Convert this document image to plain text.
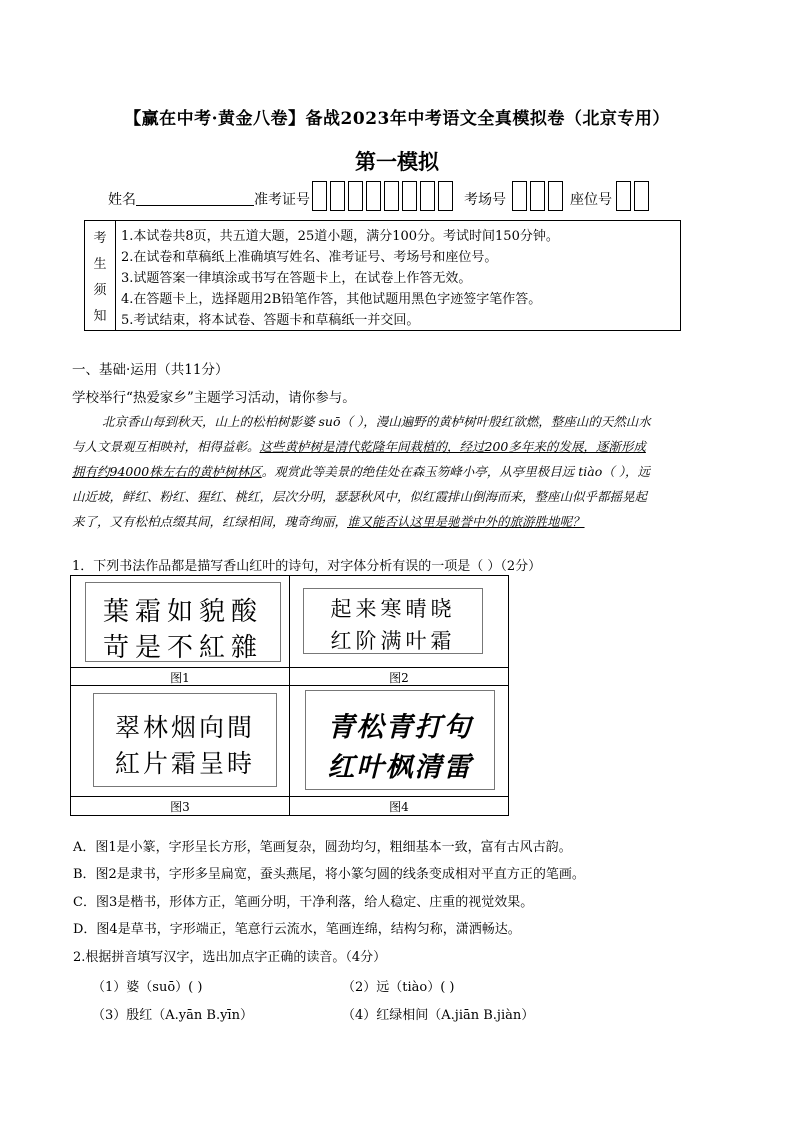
【赢在中考·黄金八卷】备战2023年中考语文全真模拟卷（北京专用）
第一模拟
姓名	准考证号	考场号	座位号
考
生
须
知
1.本试卷共8页，共五道大题，25道小题，满分100分。考试时间150分钟。
2.在试卷和草稿纸上准确填写姓名、准考证号、考场号和座位号。
3.试题答案一律填涂或书写在答题卡上，在试卷上作答无效。
4.在答题卡上，选择题用2B铅笔作答，其他试题用黑色字迹签字笔作答。
5.考试结束，将本试卷、答题卡和草稿纸一并交回。
一、基础·运用（共11分）
学校举行“热爱家乡”主题学习活动，请你参与。
北京香山每到秋天，山上的松柏树影婆 suō（ ），漫山遍野的黄栌树叶殷红欲燃，整座山的天然山水
与人文景观互相映衬，相得益彰。这些黄栌树是清代乾隆年间栽植的，经过200多年来的发展，逐渐形成
拥有约94000株左右的黄栌树林区。观赏此等美景的绝佳处在森玉笏峰小亭，从亭里极目远 tiào（ ），远
山近坡，鲜红、粉红、猩红、桃红，层次分明，瑟瑟秋风中，似红霞排山倒海而来，整座山似乎都摇晃起
来了，又有松柏点缀其间，红绿相间，瑰奇绚丽，谁又能否认这里是驰誉中外的旅游胜地呢？
1．下列书法作品都是描写香山红叶的诗句，对字体分析有误的一项是（ ）（2分）
葉霜如貌酸
苛是不紅雜
图1
起来寒晴晓
红阶满叶霜
图2
翠林烟向間
紅片霜呈時
图3
青松青打句
红叶枫清雷
图4
A．图1是小篆，字形呈长方形，笔画复杂，圆劲均匀，粗细基本一致，富有古风古韵。
B．图2是隶书，字形多呈扁宽，蚕头燕尾，将小篆匀圆的线条变成相对平直方正的笔画。
C．图3是楷书，形体方正，笔画分明，干净利落，给人稳定、庄重的视觉效果。
D．图4是草书，字形端正，笔意行云流水，笔画连绵，结构匀称，潇洒畅达。
2.根据拼音填写汉字，选出加点字正确的读音。（4分）
（1）婆（suō）( )	（2）远（tiào）( )
（3）殷红（A.yān B.yīn）	（4）红绿相间（A.jiān B.jiàn）
